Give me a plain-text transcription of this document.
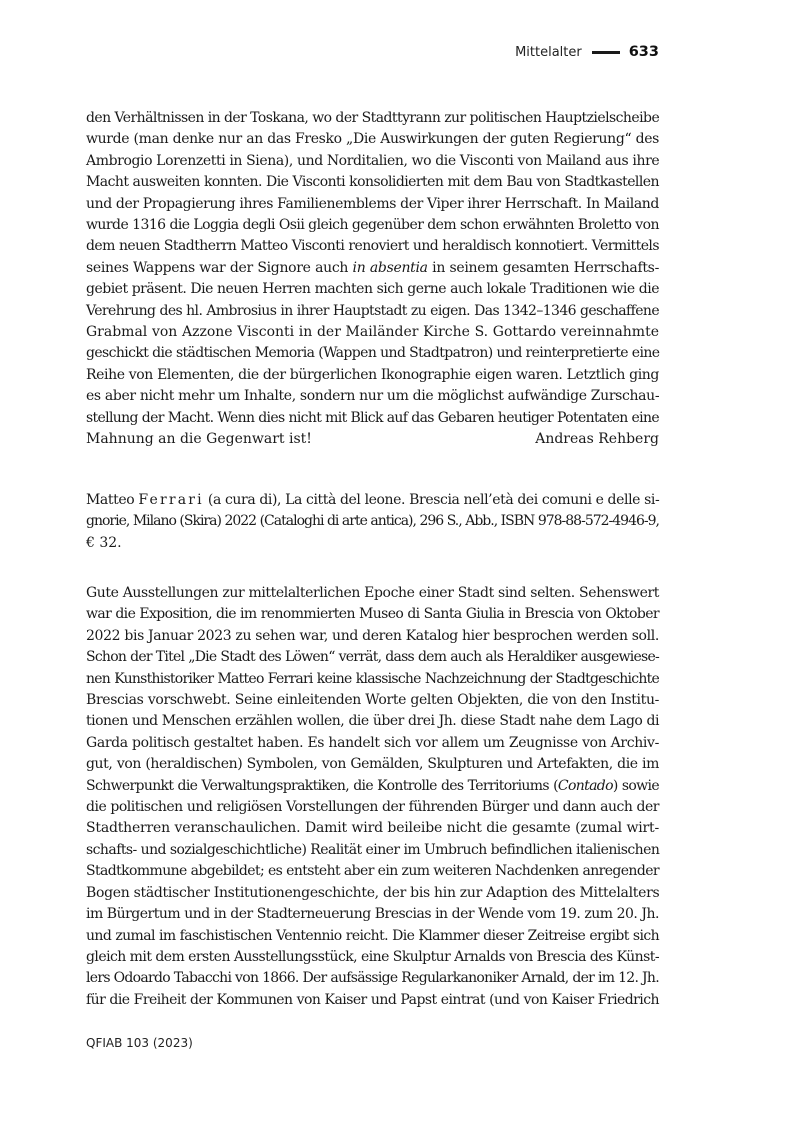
Mittelalter	633
den Verhältnissen in der Toskana, wo der Stadttyrann zur politischen Hauptzielscheibe
wurde (man denke nur an das Fresko „Die Auswirkungen der guten Regierung“ des
Ambrogio Lorenzetti in Siena), und Norditalien, wo die Visconti von Mailand aus ihre
Macht ausweiten konnten. Die Visconti konsolidierten mit dem Bau von Stadtkastellen
und der Propagierung ihres Familienemblems der Viper ihrer Herrschaft. In Mailand
wurde 1316 die Loggia degli Osii gleich gegenüber dem schon erwähnten Broletto von
dem neuen Stadtherrn Matteo Visconti renoviert und heraldisch konnotiert. Vermittels
seines Wappens war der Signore auch in absentia in seinem gesamten Herrschafts-
gebiet präsent. Die neuen Herren machten sich gerne auch lokale Traditionen wie die
Verehrung des hl. Ambrosius in ihrer Hauptstadt zu eigen. Das 1342–1346 geschaffene
Grabmal von Azzone Visconti in der Mailänder Kirche S. Gottardo vereinnahmte
geschickt die städtischen Memoria (Wappen und Stadtpatron) und reinterpretierte eine
Reihe von Elementen, die der bürgerlichen Ikonographie eigen waren. Letztlich ging
es aber nicht mehr um Inhalte, sondern nur um die möglichst aufwändige Zurschau-
stellung der Macht. Wenn dies nicht mit Blick auf das Gebaren heutiger Potentaten eine
Mahnung an die Gegenwart ist!	Andreas Rehberg
Matteo Ferrari (a cura di), La città del leone. Brescia nell’età dei comuni e delle si-
gnorie, Milano (Skira) 2022 (Cataloghi di arte antica), 296 S., Abb., ISBN 978-88-572-4946-9,
€ 32.
Gute Ausstellungen zur mittelalterlichen Epoche einer Stadt sind selten. Sehenswert
war die Exposition, die im renommierten Museo di Santa Giulia in Brescia von Oktober
2022 bis Januar 2023 zu sehen war, und deren Katalog hier besprochen werden soll.
Schon der Titel „Die Stadt des Löwen“ verrät, dass dem auch als Heraldiker ausgewiese-
nen Kunsthistoriker Matteo Ferrari keine klassische Nachzeichnung der Stadtgeschichte
Brescias vorschwebt. Seine einleitenden Worte gelten Objekten, die von den Institu-
tionen und Menschen erzählen wollen, die über drei Jh. diese Stadt nahe dem Lago di
Garda politisch gestaltet haben. Es handelt sich vor allem um Zeugnisse von Archiv-
gut, von (heraldischen) Symbolen, von Gemälden, Skulpturen und Artefakten, die im
Schwerpunkt die Verwaltungspraktiken, die Kontrolle des Territoriums (Contado) sowie
die politischen und religiösen Vorstellungen der führenden Bürger und dann auch der
Stadtherren veranschaulichen. Damit wird beileibe nicht die gesamte (zumal wirt-
schafts- und sozialgeschichtliche) Realität einer im Umbruch befindlichen italienischen
Stadtkommune abgebildet; es entsteht aber ein zum weiteren Nachdenken anregender
Bogen städtischer Institutionengeschichte, der bis hin zur Adaption des Mittelalters
im Bürgertum und in der Stadterneuerung Brescias in der Wende vom 19. zum 20. Jh.
und zumal im faschistischen Ventennio reicht. Die Klammer dieser Zeitreise ergibt sich
gleich mit dem ersten Ausstellungsstück, eine Skulptur Arnalds von Brescia des Künst-
lers Odoardo Tabacchi von 1866. Der aufsässige Regularkanoniker Arnald, der im 12. Jh.
für die Freiheit der Kommunen von Kaiser und Papst eintrat (und von Kaiser Friedrich
QFIAB 103 (2023)
